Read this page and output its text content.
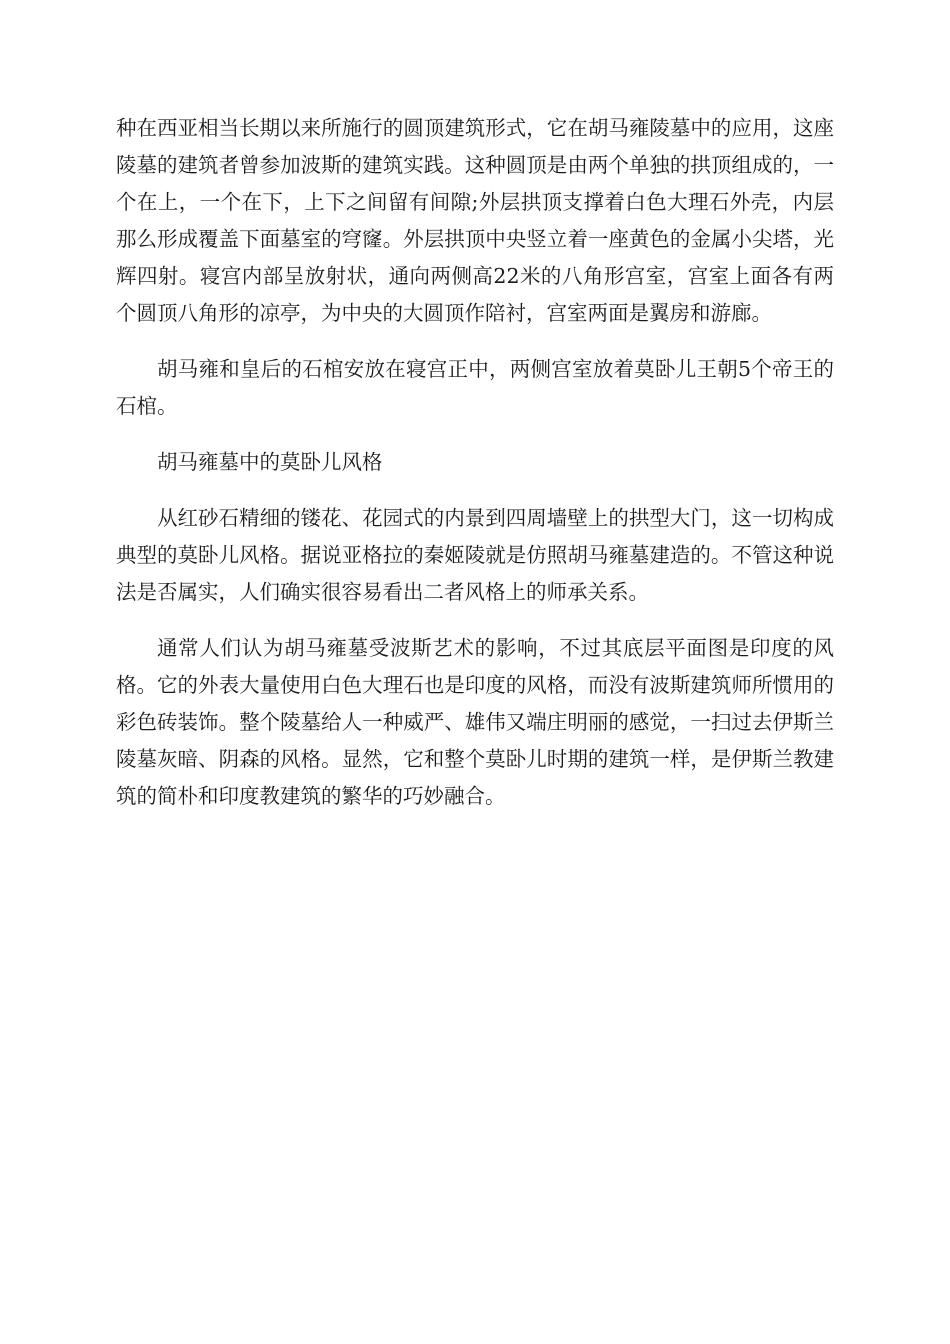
种在西亚相当长期以来所施行的圆顶建筑形式，它在胡马雍陵墓中的应用，这座陵墓的建筑者曾参加波斯的建筑实践。这种圆顶是由两个单独的拱顶组成的，一个在上，一个在下，上下之间留有间隙;外层拱顶支撑着白色大理石外壳，内层那么形成覆盖下面墓室的穹窿。外层拱顶中央竖立着一座黄色的金属小尖塔，光辉四射。寝宫内部呈放射状，通向两侧高22米的八角形宫室，宫室上面各有两个圆顶八角形的凉亭，为中央的大圆顶作陪衬，宫室两面是翼房和游廊。

胡马雍和皇后的石棺安放在寝宫正中，两侧宫室放着莫卧儿王朝5个帝王的石棺。

胡马雍墓中的莫卧儿风格

从红砂石精细的镂花、花园式的内景到四周墙壁上的拱型大门，这一切构成典型的莫卧儿风格。据说亚格拉的秦姬陵就是仿照胡马雍墓建造的。不管这种说法是否属实，人们确实很容易看出二者风格上的师承关系。

通常人们认为胡马雍墓受波斯艺术的影响，不过其底层平面图是印度的风格。它的外表大量使用白色大理石也是印度的风格，而没有波斯建筑师所惯用的彩色砖装饰。整个陵墓给人一种威严、雄伟又端庄明丽的感觉，一扫过去伊斯兰陵墓灰暗、阴森的风格。显然，它和整个莫卧儿时期的建筑一样，是伊斯兰教建筑的简朴和印度教建筑的繁华的巧妙融合。
